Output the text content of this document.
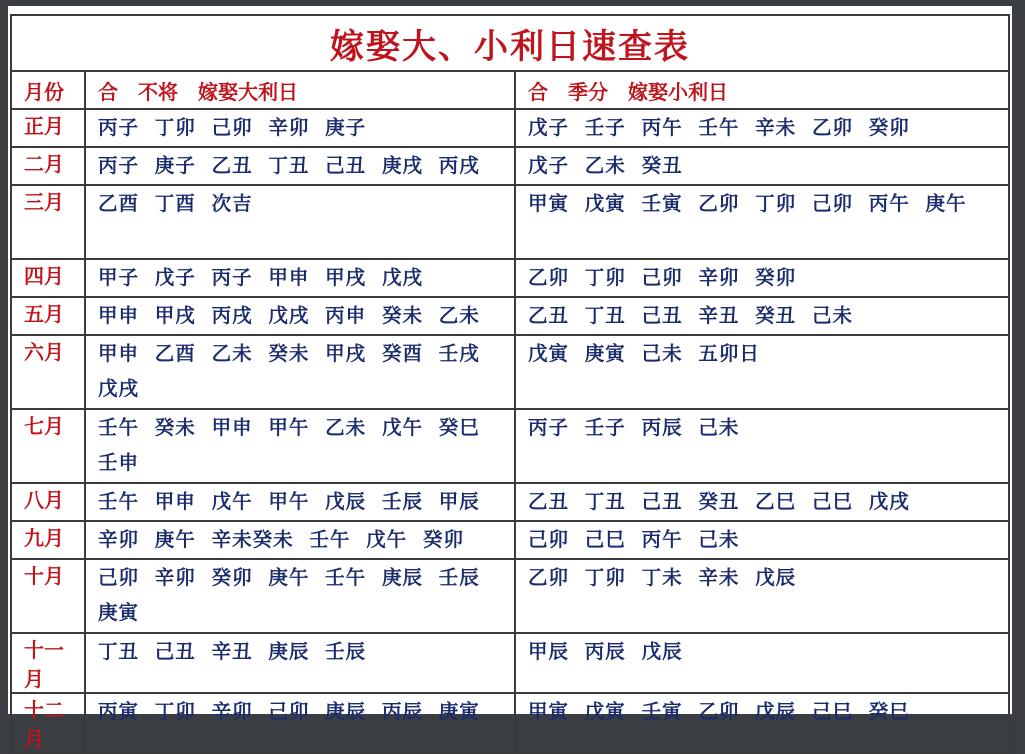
嫁娶大、小利日速查表		
月份	合　不将　嫁娶大利日	合　季分　嫁娶小利日
正月	丙子 丁卯 己卯 辛卯 庚子	戊子 壬子 丙午 壬午 辛未 乙卯 癸卯
二月	丙子 庚子 乙丑 丁丑 己丑 庚戌 丙戌	戊子 乙未 癸丑
三月	乙酉 丁酉 次吉	甲寅 戊寅 壬寅 乙卯 丁卯 己卯 丙午 庚午
四月	甲子 戊子 丙子 甲申 甲戌 戊戌	乙卯 丁卯 己卯 辛卯 癸卯
五月	甲申 甲戌 丙戌 戊戌 丙申 癸未 乙未	乙丑 丁丑 己丑 辛丑 癸丑 己未
六月	甲申 乙酉 乙未 癸未 甲戌 癸酉 壬戌 戊戌	戊寅 庚寅 己未 五卯日
七月	壬午 癸未 甲申 甲午 乙未 戊午 癸巳 壬申	丙子 壬子 丙辰 己未
八月	壬午 甲申 戊午 甲午 戊辰 壬辰 甲辰	乙丑 丁丑 己丑 癸丑 乙巳 己巳 戊戌
九月	辛卯 庚午 辛未癸未 壬午 戊午 癸卯	己卯 己巳 丙午 己未
十月	己卯 辛卯 癸卯 庚午 壬午 庚辰 壬辰 庚寅	乙卯 丁卯 丁未 辛未 戊辰
十一月	丁丑 己丑 辛丑 庚辰 壬辰	甲辰 丙辰 戊辰
十二月	丙寅 丁卯 辛卯 己卯 庚辰 丙辰 庚寅	甲寅 戊寅 壬寅 乙卯 戊辰 己巳 癸巳
